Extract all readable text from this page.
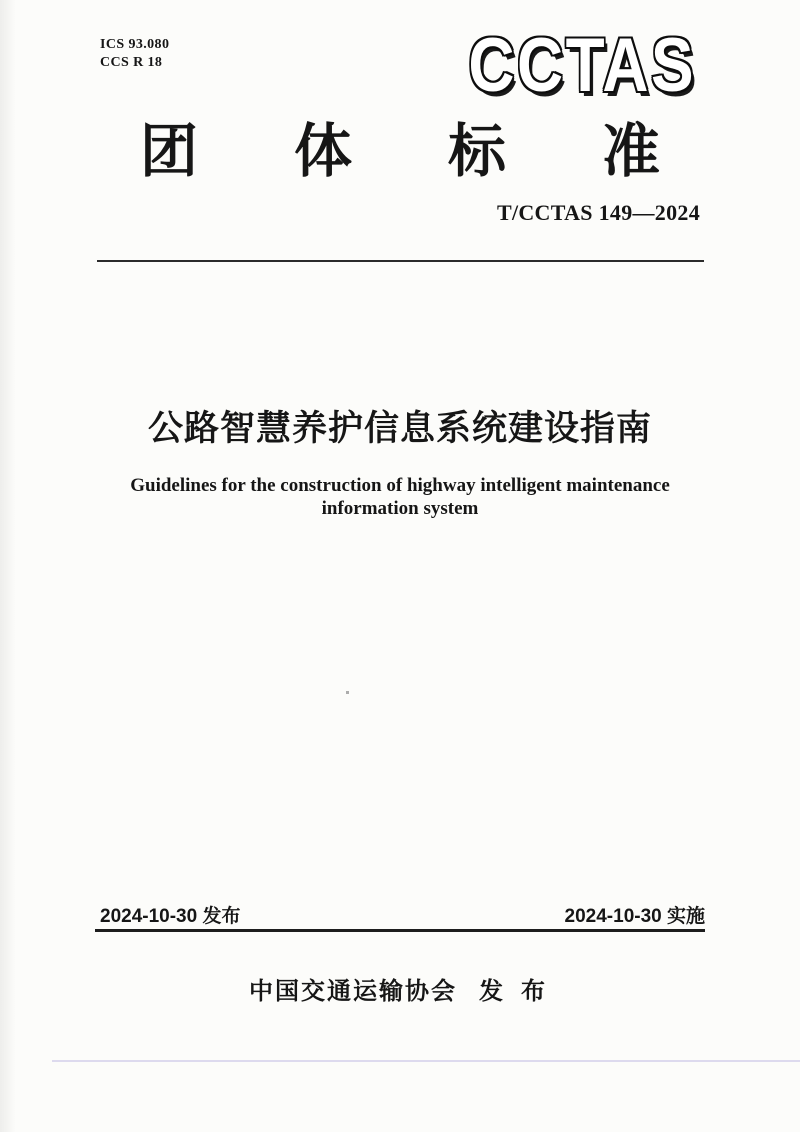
ICS 93.080
CCS R 18	CCTAS
团 体 标 准
T/CCTAS 149—2024
公路智慧养护信息系统建设指南
Guidelines for the construction of highway intelligent maintenance
information system
2024-10-30 发布	2024-10-30 实施
中国交通运输协会 发 布
